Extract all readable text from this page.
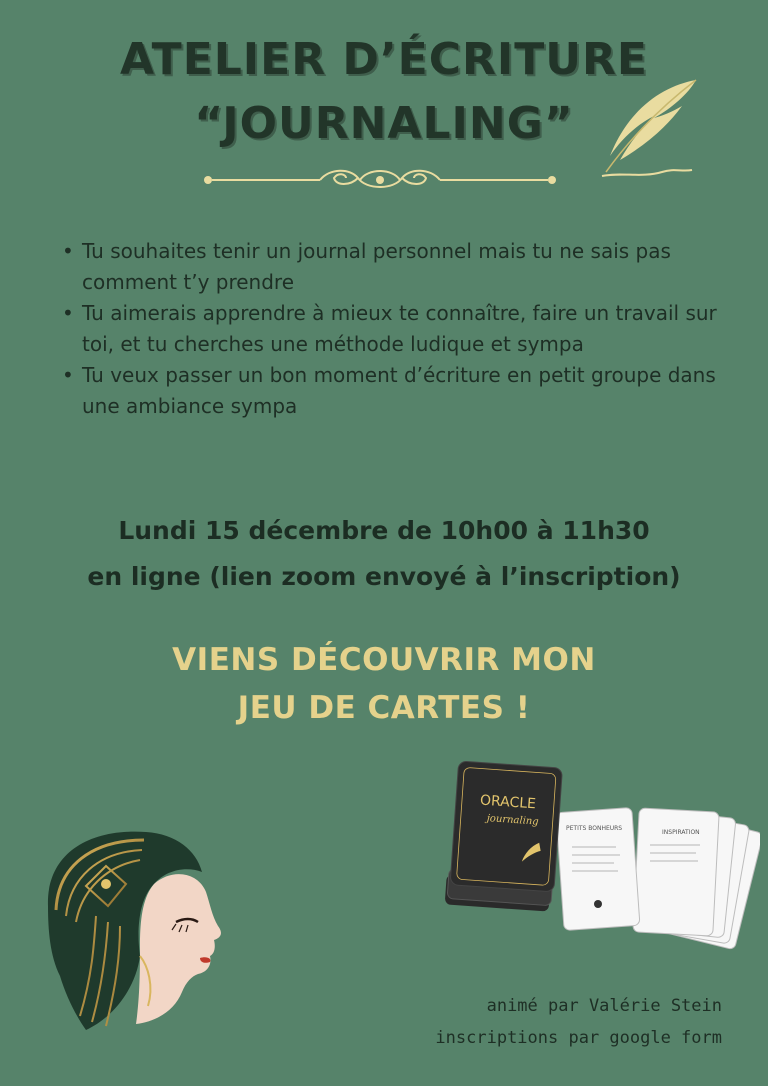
ATELIER D’ÉCRITURE
“JOURNALING”
• Tu souhaites tenir un journal personnel mais tu ne sais pas comment t’y prendre
• Tu aimerais apprendre à mieux te connaître, faire un travail sur toi, et tu cherches une méthode ludique et sympa
• Tu veux passer un bon moment d’écriture en petit groupe dans une ambiance sympa
Lundi 15 décembre de 10h00 à 11h30
en ligne (lien zoom envoyé à l’inscription)
VIENS DÉCOUVRIR MON
JEU DE CARTES !
INSPIRATION
PETITS BONHEURS
ORACLE
journaling
animé par Valérie Stein
inscriptions par google form
